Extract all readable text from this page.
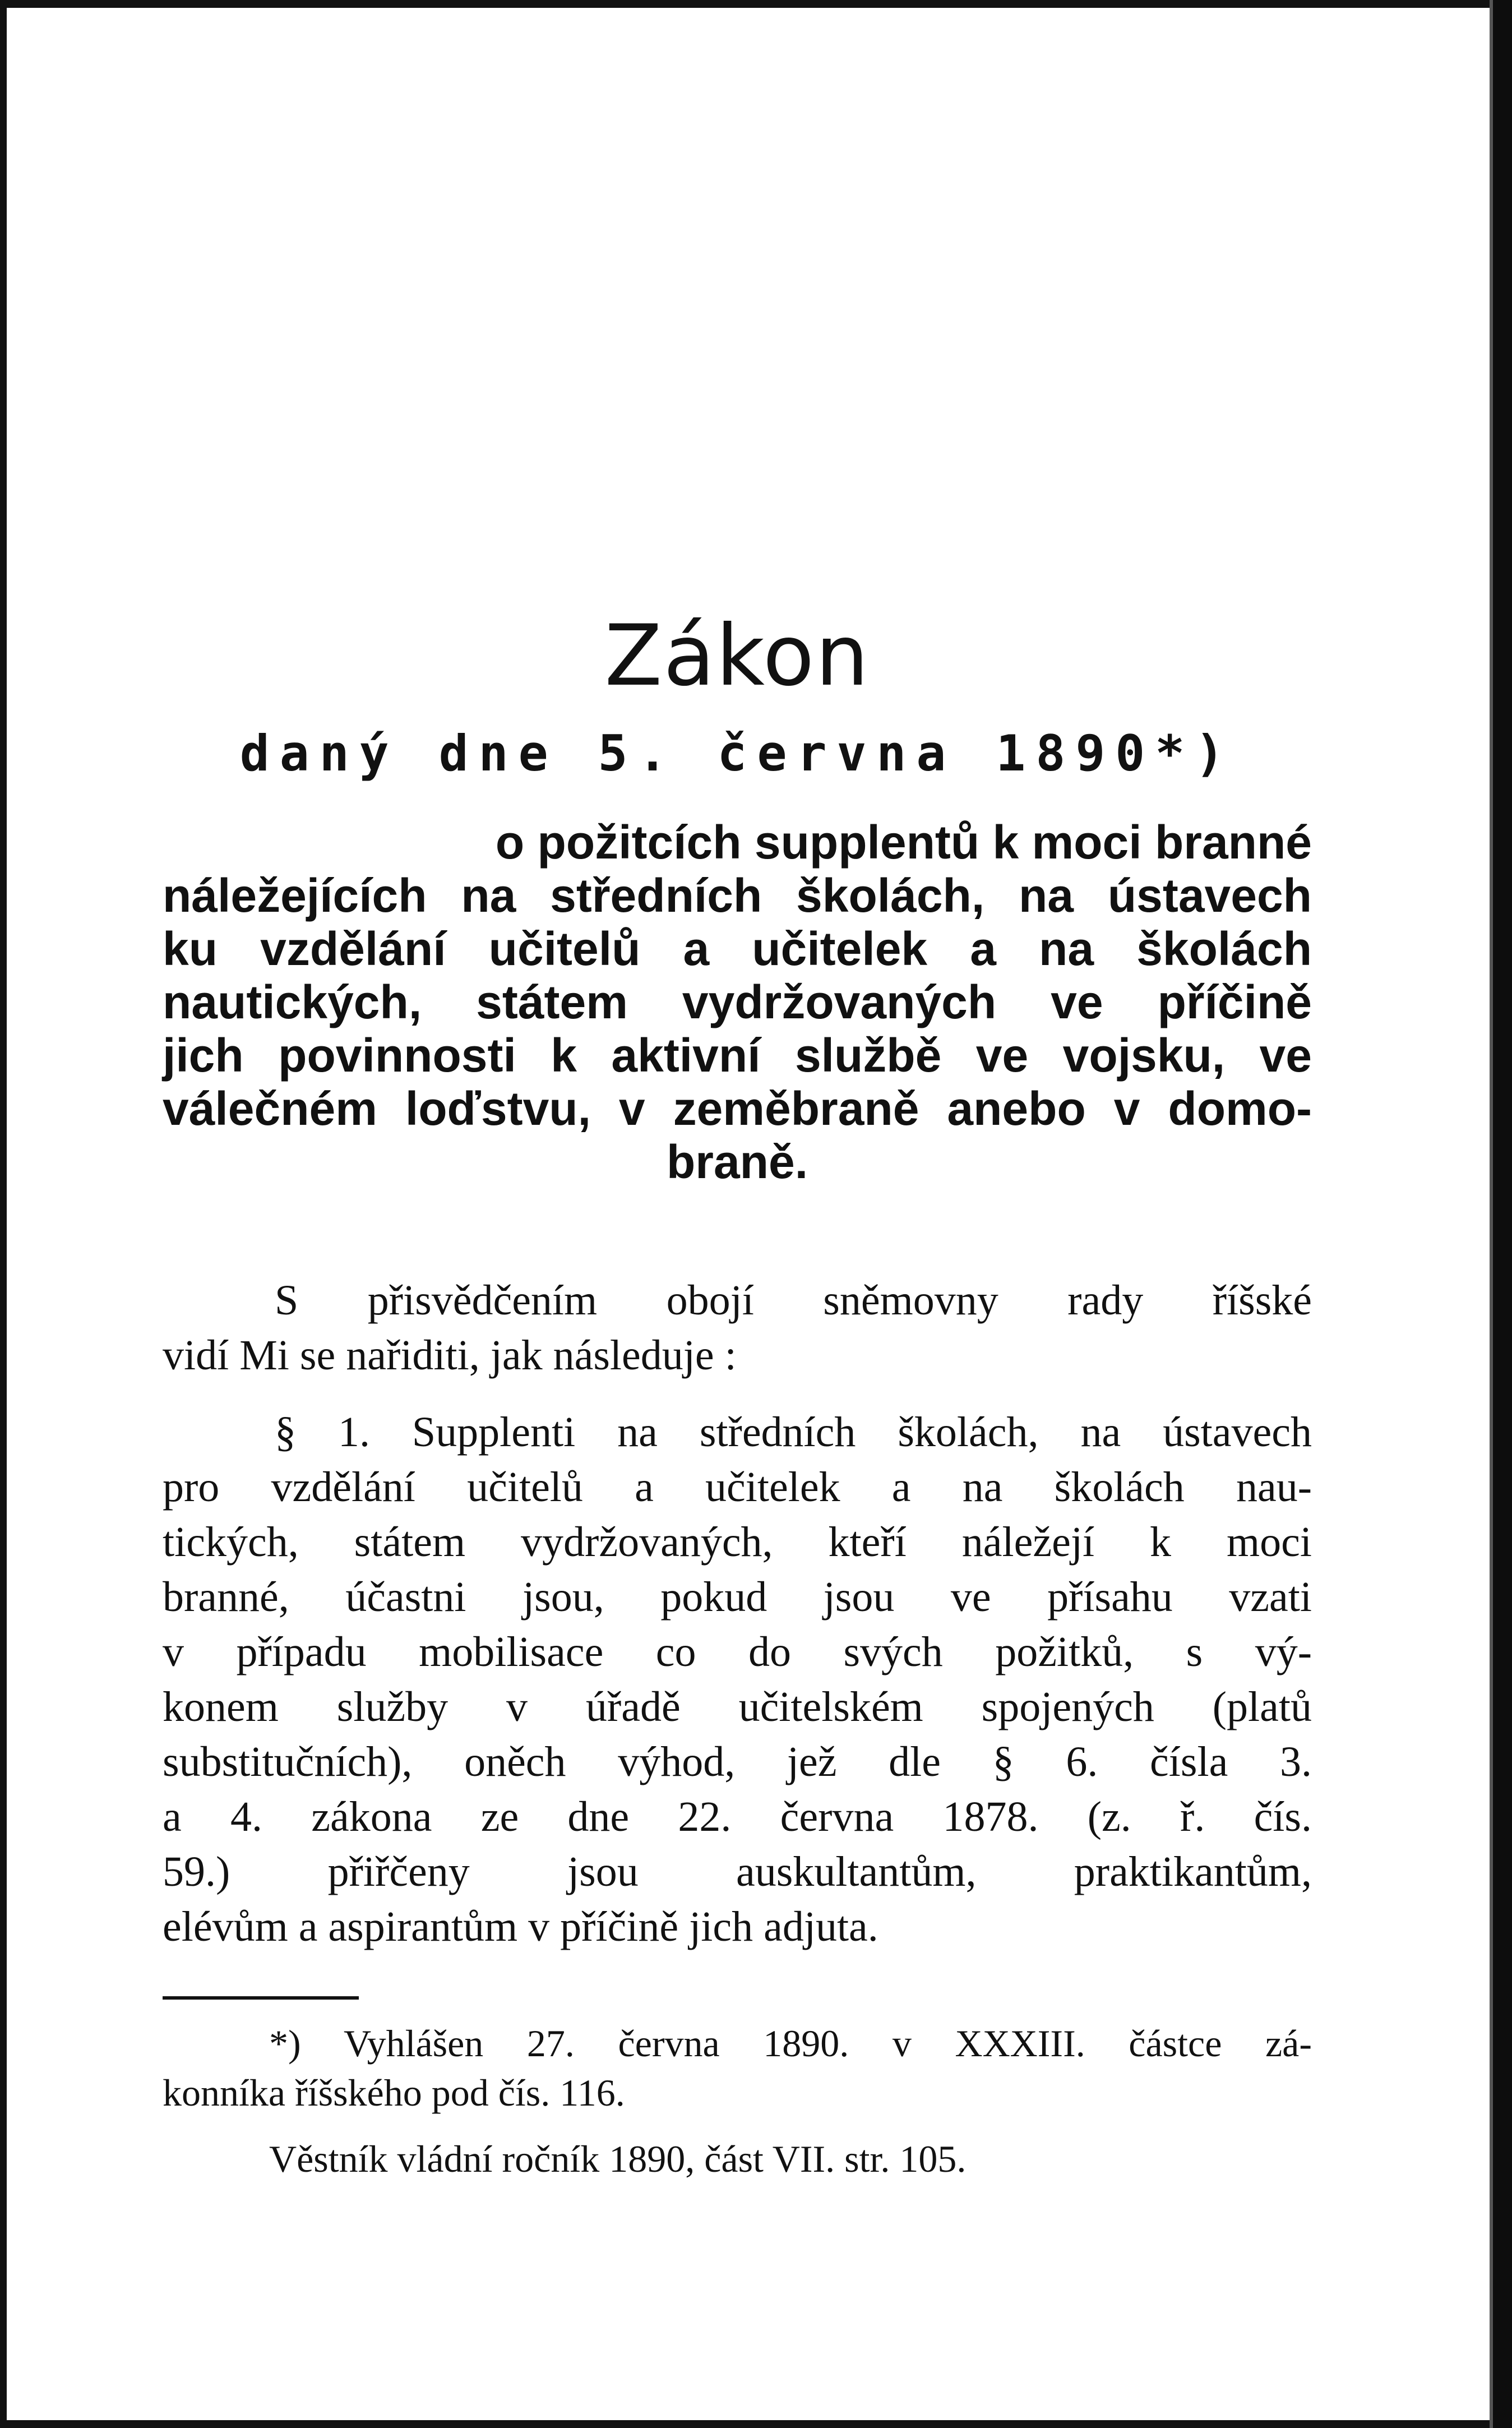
Zákon
daný dne 5. června 1890*)
o požitcích supplentů k moci branné
náležejících na středních školách, na ústavech
ku vzdělání učitelů a učitelek a na školách
nautických, státem vydržovaných ve příčině
jich povinnosti k aktivní službě ve vojsku, ve
válečném loďstvu, v zeměbraně anebo v domo-
braně.
S přisvědčením obojí sněmovny rady říšské
vidí Mi se nařiditi, jak následuje :
§ 1. Supplenti na středních školách, na ústavech
pro vzdělání učitelů a učitelek a na školách nau-
tických, státem vydržovaných, kteří náležejí k moci
branné, účastni jsou, pokud jsou ve přísahu vzati
v případu mobilisace co do svých požitků, s vý-
konem služby v úřadě učitelském spojených (platů
substitučních), oněch výhod, jež dle § 6. čísla 3.
a 4. zákona ze dne 22. června 1878. (z. ř. čís.
59.) přiřčeny jsou auskultantům, praktikantům,
elévům a aspirantům v příčině jich adjuta.
*) Vyhlášen 27. června 1890. v XXXIII. částce zá-
konníka říšského pod čís. 116.
Věstník vládní ročník 1890, část VII. str. 105.
